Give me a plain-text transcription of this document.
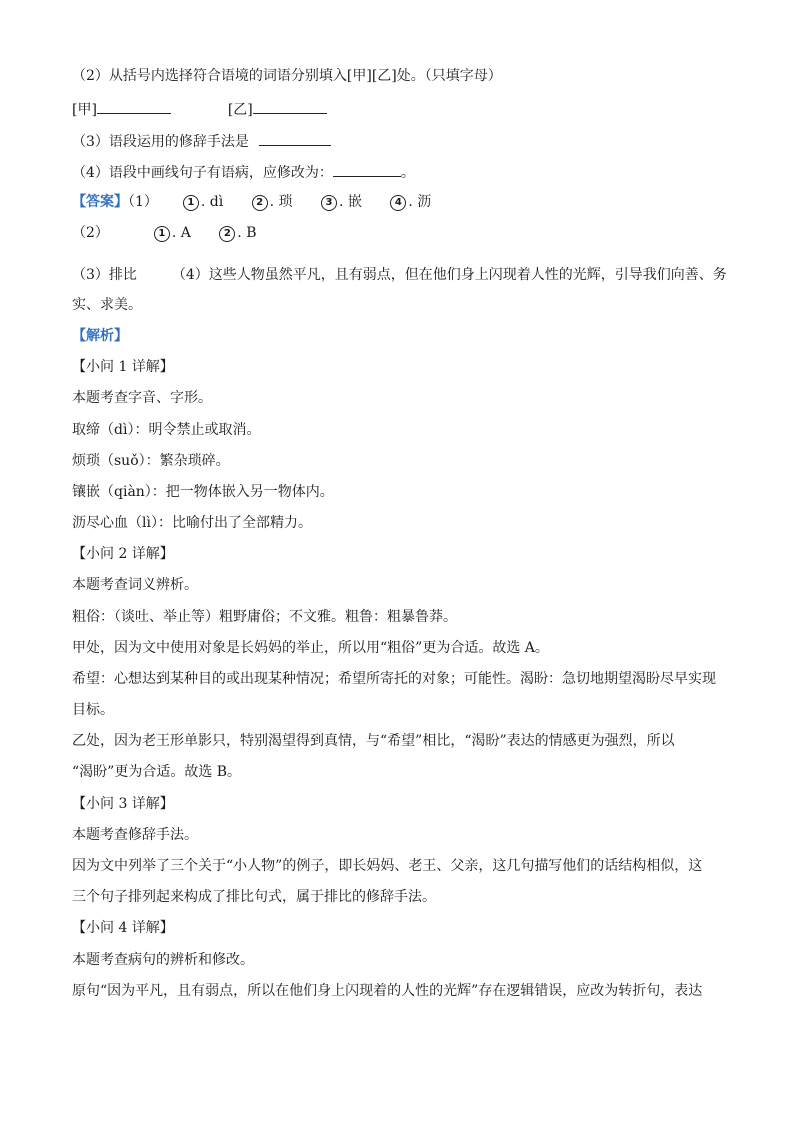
（2）从括号内选择符合语境的词语分别填入[甲][乙]处。（只填字母）
[甲]	[乙]
（3）语段运用的修辞手法是
（4）语段中画线句子有语病，应修改为：	。
【答案】（1）	1 . dì	2 . 琐	3 . 嵌	4 . 沥
（2）	1 . A	2 . B
（3）排比 （4）这些人物虽然平凡，且有弱点，但在他们身上闪现着人性的光辉，引导我们向善、务
实、求美。
【解析】
【小问 1 详解】
本题考查字音、字形。
取缔（dì）：明令禁止或取消。
烦琐（suǒ）：繁杂琐碎。
镶嵌（qiàn）：把一物体嵌入另一物体内。
沥尽心血（lì）：比喻付出了全部精力。
【小问 2 详解】
本题考查词义辨析。
粗俗：（谈吐、举止等）粗野庸俗；不文雅。粗鲁：粗暴鲁莽。
甲处，因为文中使用对象是长妈妈的举止，所以用“粗俗”更为合适。故选 A。
希望：心想达到某种目的或出现某种情况；希望所寄托的对象；可能性。渴盼：急切地期望渴盼尽早实现
目标。
乙处，因为老王形单影只，特别渴望得到真情，与“希望”相比，“渴盼”表达的情感更为强烈，所以
“渴盼”更为合适。故选 B。
【小问 3 详解】
本题考查修辞手法。
因为文中列举了三个关于“小人物”的例子，即长妈妈、老王、父亲，这几句描写他们的话结构相似，这
三个句子排列起来构成了排比句式，属于排比的修辞手法。
【小问 4 详解】
本题考查病句的辨析和修改。
原句“因为平凡，且有弱点，所以在他们身上闪现着的人性的光辉”存在逻辑错误，应改为转折句，表达
